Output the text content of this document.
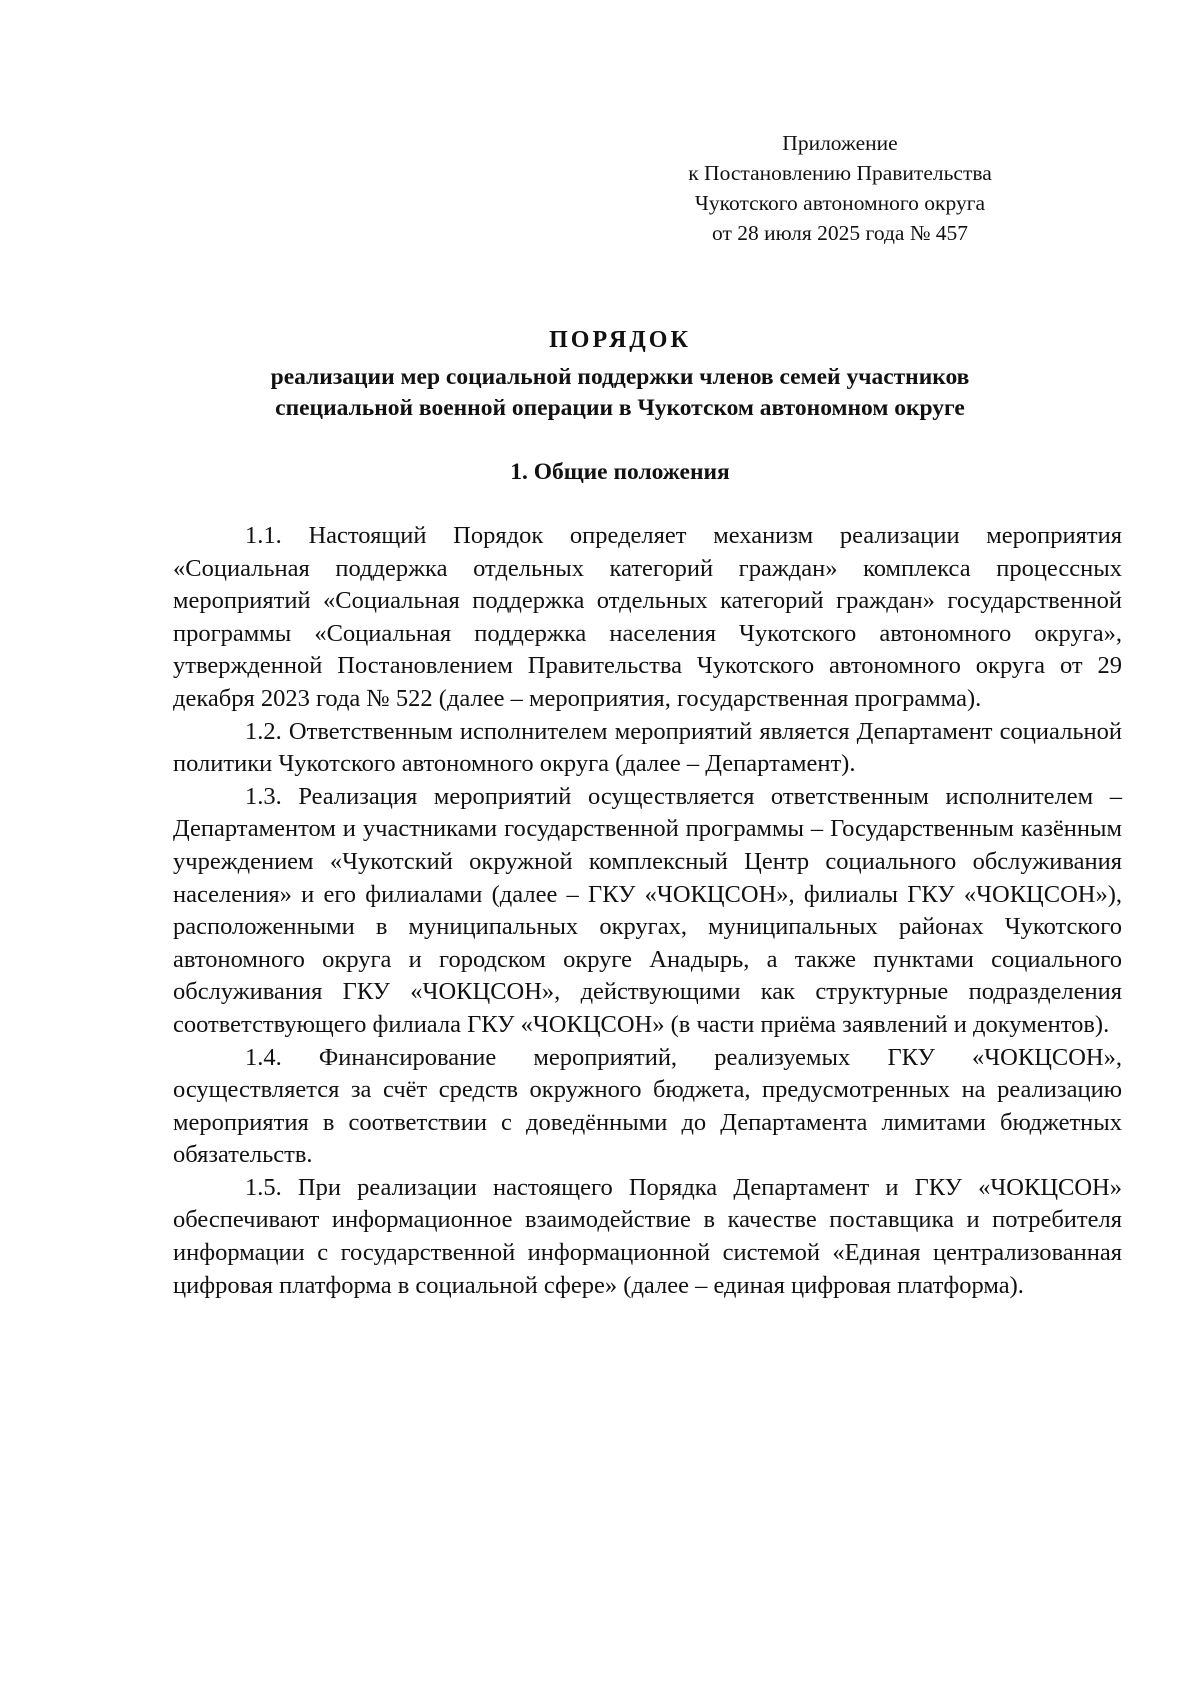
Приложение
к Постановлению Правительства
Чукотского автономного округа
от 28 июля 2025 года № 457
ПОРЯДОК
реализации мер социальной поддержки членов семей участников
специальной военной операции в Чукотском автономном округе
1. Общие положения

1.1. Настоящий Порядок определяет механизм реализации мероприятия «Социальная поддержка отдельных категорий граждан» комплекса процессных мероприятий «Социальная поддержка отдельных категорий граждан» государственной программы «Социальная поддержка населения Чукотского автономного округа», утвержденной Постановлением Правительства Чукотского автономного округа от 29 декабря 2023 года № 522 (далее – мероприятия, государственная программа).

1.2. Ответственным исполнителем мероприятий является Департамент социальной политики Чукотского автономного округа (далее – Департамент).

1.3. Реализация мероприятий осуществляется ответственным исполнителем – Департаментом и участниками государственной программы – Государственным казённым учреждением «Чукотский окружной комплексный Центр социального обслуживания населения» и его филиалами (далее – ГКУ «ЧОКЦСОН», филиалы ГКУ «ЧОКЦСОН»), расположенными в муниципальных округах, муниципальных районах Чукотского автономного округа и городском округе Анадырь, а также пунктами социального обслуживания ГКУ «ЧОКЦСОН», действующими как структурные подразделения соответствующего филиала ГКУ «ЧОКЦСОН» (в части приёма заявлений и документов).

1.4. Финансирование мероприятий, реализуемых ГКУ «ЧОКЦСОН», осуществляется за счёт средств окружного бюджета, предусмотренных на реализацию мероприятия в соответствии с доведёнными до Департамента лимитами бюджетных обязательств.

1.5. При реализации настоящего Порядка Департамент и ГКУ «ЧОКЦСОН» обеспечивают информационное взаимодействие в качестве поставщика и потребителя информации с государственной информационной системой «Единая централизованная цифровая платформа в социальной сфере» (далее – единая цифровая платформа).
